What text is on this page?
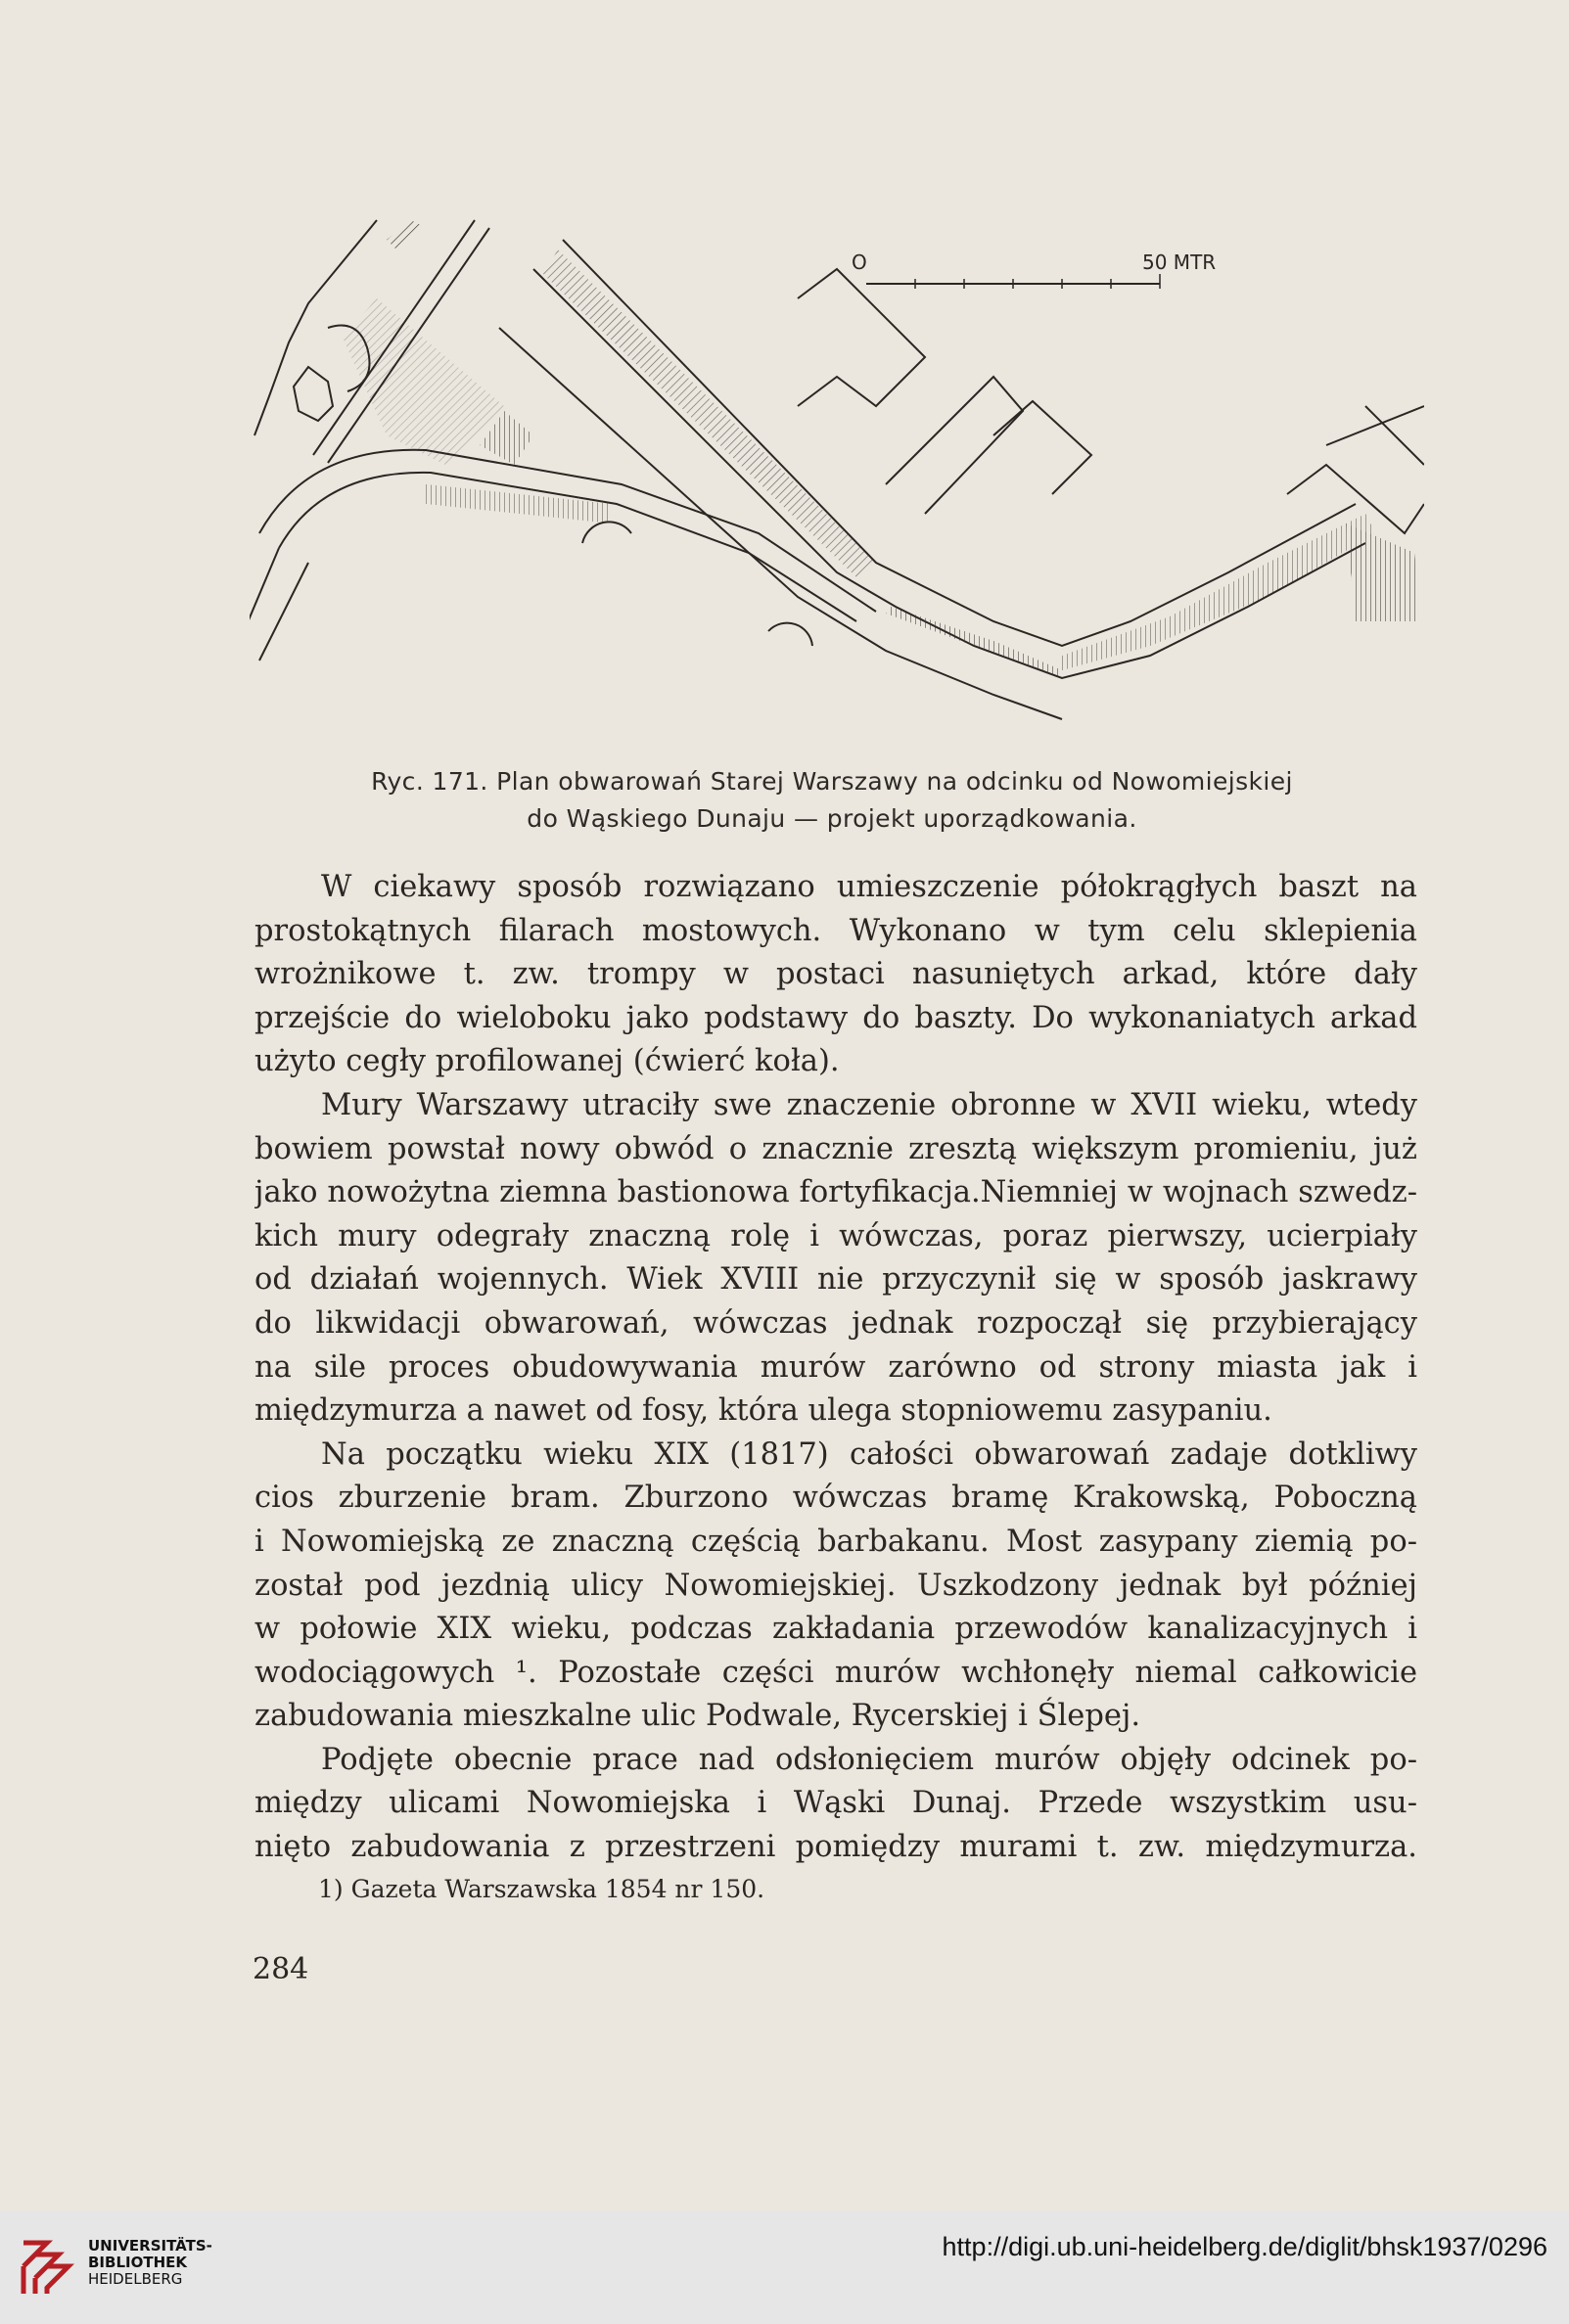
O	50 MTR
Ryc. 171. Plan obwarowań Starej Warszawy na odcinku od Nowomiejskiej
do Wąskiego Dunaju — projekt uporządkowania.
W ciekawy sposób rozwiązano umieszczenie półokrągłych baszt na
prostokątnych filarach mostowych. Wykonano w tym celu sklepienia
wrożnikowe t. zw. trompy w postaci nasuniętych arkad, które dały
przejście do wieloboku jako podstawy do baszty. Do wykonaniatych arkad
użyto cegły profilowanej (ćwierć koła).
Mury Warszawy utraciły swe znaczenie obronne w XVII wieku, wtedy
bowiem powstał nowy obwód o znacznie zresztą większym promieniu, już
jako nowożytna ziemna bastionowa fortyfikacja.Niemniej w wojnach szwedz-
kich mury odegrały znaczną rolę i wówczas, poraz pierwszy, ucierpiały
od działań wojennych. Wiek XVIII nie przyczynił się w sposób jaskrawy
do likwidacji obwarowań, wówczas jednak rozpoczął się przybierający
na sile proces obudowywania murów zarówno od strony miasta jak i
międzymurza a nawet od fosy, która ulega stopniowemu zasypaniu.
Na początku wieku XIX (1817) całości obwarowań zadaje dotkliwy
cios zburzenie bram. Zburzono wówczas bramę Krakowską, Poboczną
i Nowomiejską ze znaczną częścią barbakanu. Most zasypany ziemią po-
został pod jezdnią ulicy Nowomiejskiej. Uszkodzony jednak był później
w połowie XIX wieku, podczas zakładania przewodów kanalizacyjnych i
wodociągowych ¹. Pozostałe części murów wchłonęły niemal całkowicie
zabudowania mieszkalne ulic Podwale, Rycerskiej i Ślepej.
Podjęte obecnie prace nad odsłonięciem murów objęły odcinek po-
między ulicami Nowomiejska i Wąski Dunaj. Przede wszystkim usu-
nięto zabudowania z przestrzeni pomiędzy murami t. zw. międzymurza.
1) Gazeta Warszawska 1854 nr 150.
284
UNIVERSITÄTS-
BIBLIOTHEK
HEIDELBERG
http://digi.ub.uni-heidelberg.de/diglit/bhsk1937/0296
